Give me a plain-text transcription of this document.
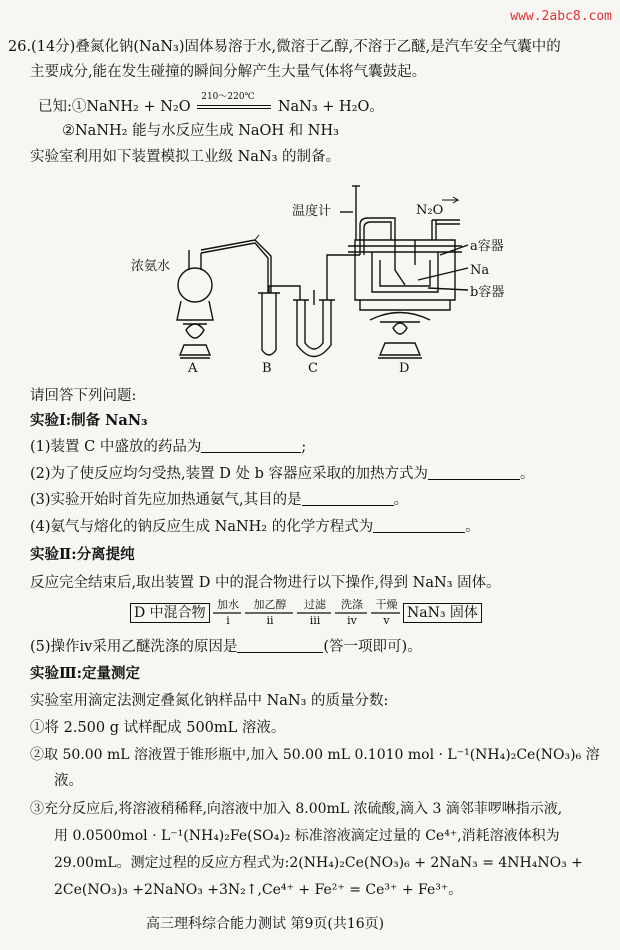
www.2abc8.com
26.(14分)叠氮化钠(NaN₃)固体易溶于水,微溶于乙醇,不溶于乙醚,是汽车安全气囊中的
主要成分,能在发生碰撞的瞬间分解产生大量气体将气囊鼓起。
已知:①NaNH₂ + N₂O
210～220℃
NaN₃ + H₂O。
②NaNH₂ 能与水反应生成 NaOH 和 NH₃
实验室利用如下装置模拟工业级 NaN₃ 的制备。
温度计	N₂O
浓氨水
a容器
Na
b容器
A	B	C	D
请回答下列问题:
实验Ⅰ:制备 NaN₃
(1)装置 C 中盛放的药品为	;
(2)为了使反应均匀受热,装置 D 处 b 容器应采取的加热方式为	。
(3)实验开始时首先应加热通氨气,其目的是	。
(4)氨气与熔化的钠反应生成 NaNH₂ 的化学方程式为	。
实验Ⅱ:分离提纯
反应完全结束后,取出装置 D 中的混合物进行以下操作,得到 NaN₃ 固体。
D 中混合物
加水
ⅰ
加乙醇
ⅱ
过滤
ⅲ
洗涤
ⅳ
干燥
ⅴ	NaN₃ 固体
(5)操作ⅳ采用乙醚洗涤的原因是	(答一项即可)。
实验Ⅲ:定量测定
实验室用滴定法测定叠氮化钠样品中 NaN₃ 的质量分数:
①将 2.500 g 试样配成 500mL 溶液。
②取 50.00 mL 溶液置于锥形瓶中,加入 50.00 mL 0.1010 mol · L⁻¹(NH₄)₂Ce(NO₃)₆ 溶
液。
③充分反应后,将溶液稍稀释,向溶液中加入 8.00mL 浓硫酸,滴入 3 滴邻菲啰啉指示液,
用 0.0500mol · L⁻¹(NH₄)₂Fe(SO₄)₂ 标准溶液滴定过量的 Ce⁴⁺,消耗溶液体积为
29.00mL。测定过程的反应方程式为:2(NH₄)₂Ce(NO₃)₆ + 2NaN₃ = 4NH₄NO₃ +
2Ce(NO₃)₃ +2NaNO₃ +3N₂↑,Ce⁴⁺ + Fe²⁺ = Ce³⁺ + Fe³⁺。
高三理科综合能力测试 第9页(共16页)
